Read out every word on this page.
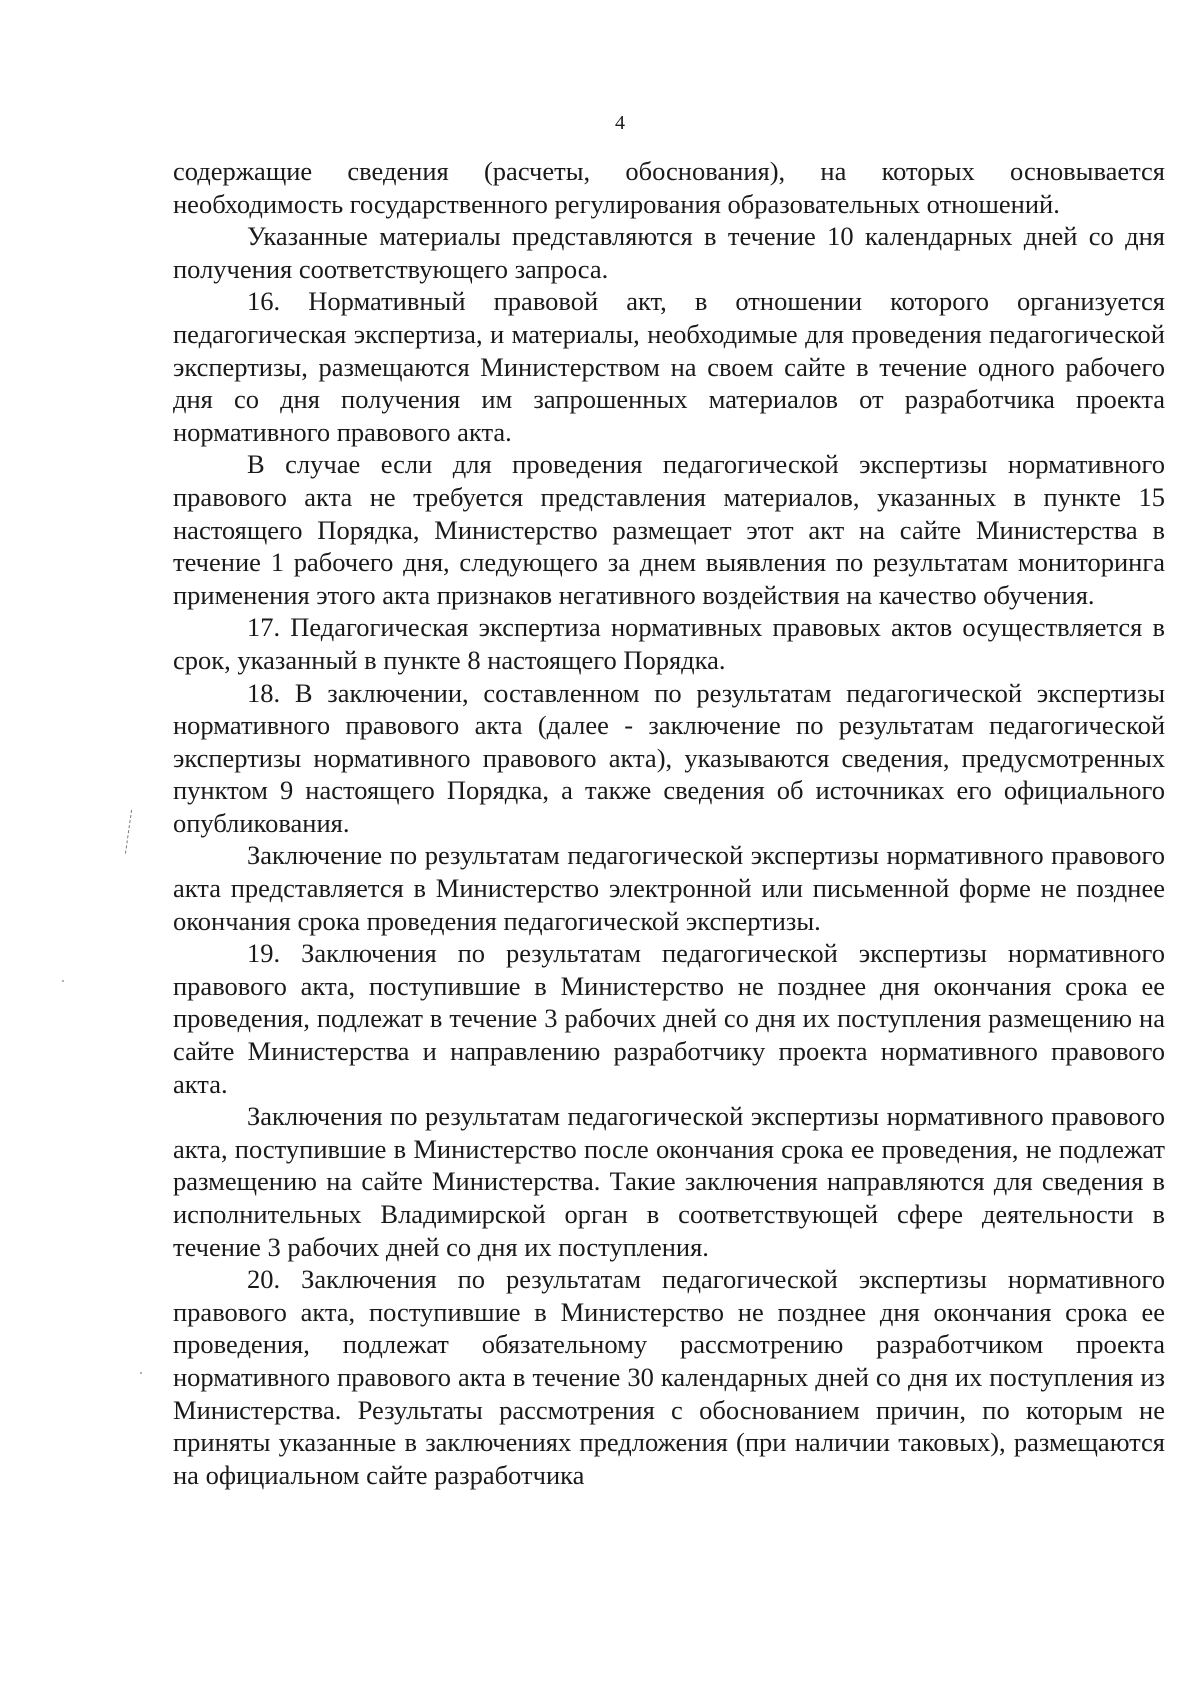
4

содержащие сведения (расчеты, обоснования), на которых основывается необходимость государственного регулирования образовательных отношений.

Указанные материалы представляются в течение 10 календарных дней со дня получения соответствующего запроса.

16. Нормативный правовой акт, в отношении которого организуется педагогическая экспертиза, и материалы, необходимые для проведения педагогической экспертизы, размещаются Министерством на своем сайте в течение одного рабочего дня со дня получения им запрошенных материалов от разработчика проекта нормативного правового акта.

В случае если для проведения педагогической экспертизы нормативного правового акта не требуется представления материалов, указанных в пункте 15 настоящего Порядка, Министерство размещает этот акт на сайте Министерства в течение 1 рабочего дня, следующего за днем выявления по результатам мониторинга применения этого акта признаков негативного воздействия на качество обучения.

17. Педагогическая экспертиза нормативных правовых актов осуществляется в срок, указанный в пункте 8 настоящего Порядка.

18. В заключении, составленном по результатам педагогической экспертизы нормативного правового акта (далее - заключение по результатам педагогической экспертизы нормативного правового акта), указываются сведения, предусмотренных пунктом 9 настоящего Порядка, а также сведения об источниках его официального опубликования.

Заключение по результатам педагогической экспертизы нормативного правового акта представляется в Министерство электронной или письменной форме не позднее окончания срока проведения педагогической экспертизы.

19. Заключения по результатам педагогической экспертизы нормативного правового акта, поступившие в Министерство не позднее дня окончания срока ее проведения, подлежат в течение 3 рабочих дней со дня их поступления размещению на сайте Министерства и направлению разработчику проекта нормативного правового акта.

Заключения по результатам педагогической экспертизы нормативного правового акта, поступившие в Министерство после окончания срока ее проведения, не подлежат размещению на сайте Министерства. Такие заключения направляются для сведения в исполнительных Владимирской орган в соответствующей сфере деятельности в течение 3 рабочих дней со дня их поступления.

20. Заключения по результатам педагогической экспертизы нормативного правового акта, поступившие в Министерство не позднее дня окончания срока ее проведения, подлежат обязательному рассмотрению разработчиком проекта нормативного правового акта в течение 30 календарных дней со дня их поступления из Министерства. Результаты рассмотрения с обоснованием причин, по которым не приняты указанные в заключениях предложения (при наличии таковых), размещаются на официальном сайте разработчика
